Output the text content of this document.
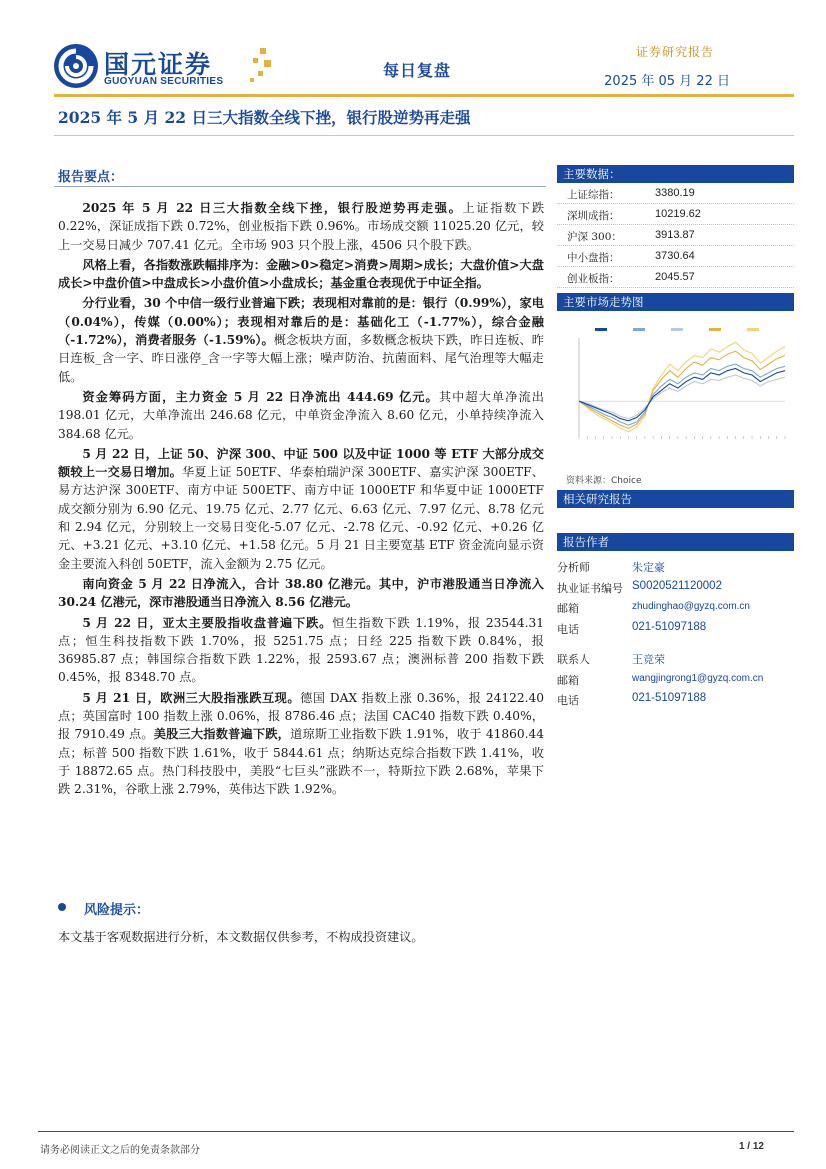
国元证券
GUOYUAN SECURITIES
每日复盘
证券研究报告
2025 年 05 月 22 日
2025 年 5 月 22 日三大指数全线下挫，银行股逆势再走强
报告要点：

2025 年 5 月 22 日三大指数全线下挫，银行股逆势再走强。上证指数下跌 0.22%，深证成指下跌 0.72%，创业板指下跌 0.96%。市场成交额 11025.20 亿元，较上一交易日减少 707.41 亿元。全市场 903 只个股上涨，4506 只个股下跌。

风格上看，各指数涨跌幅排序为：金融>0>稳定>消费>周期>成长；大盘价值>大盘成长>中盘价值>中盘成长>小盘价值>小盘成长；基金重仓表现优于中证全指。

分行业看，30 个中信一级行业普遍下跌；表现相对靠前的是：银行（0.99%），家电（0.04%），传媒（0.00%）；表现相对靠后的是：基础化工（-1.77%），综合金融（-1.72%），消费者服务（-1.59%）。概念板块方面，多数概念板块下跌，昨日连板、昨日连板_含一字、昨日涨停_含一字等大幅上涨；噪声防治、抗菌面料、尾气治理等大幅走低。

资金筹码方面，主力资金 5 月 22 日净流出 444.69 亿元。其中超大单净流出 198.01 亿元，大单净流出 246.68 亿元，中单资金净流入 8.60 亿元，小单持续净流入 384.68 亿元。

5 月 22 日，上证 50、沪深 300、中证 500 以及中证 1000 等 ETF 大部分成交额较上一交易日增加。华夏上证 50ETF、华泰柏瑞沪深 300ETF、嘉实沪深 300ETF、易方达沪深 300ETF、南方中证 500ETF、南方中证 1000ETF 和华夏中证 1000ETF 成交额分别为 6.90 亿元、19.75 亿元、2.77 亿元、6.63 亿元、7.97 亿元、8.78 亿元和 2.94 亿元，分别较上一交易日变化-5.07 亿元、-2.78 亿元、-0.92 亿元、+0.26 亿元、+3.21 亿元、+3.10 亿元、+1.58 亿元。5 月 21 日主要宽基 ETF 资金流向显示资金主要流入科创 50ETF，流入金额为 2.75 亿元。

南向资金 5 月 22 日净流入，合计 38.80 亿港元。其中，沪市港股通当日净流入 30.24 亿港元，深市港股通当日净流入 8.56 亿港元。

5 月 22 日，亚太主要股指收盘普遍下跌。恒生指数下跌 1.19%，报 23544.31 点；恒生科技指数下跌 1.70%，报 5251.75 点；日经 225 指数下跌 0.84%，报 36985.87 点；韩国综合指数下跌 1.22%，报 2593.67 点；澳洲标普 200 指数下跌 0.45%，报 8348.70 点。

5 月 21 日，欧洲三大股指涨跌互现。德国 DAX 指数上涨 0.36%，报 24122.40 点；英国富时 100 指数上涨 0.06%，报 8786.46 点；法国 CAC40 指数下跌 0.40%，报 7910.49 点。美股三大指数普遍下跌，道琼斯工业指数下跌 1.91%，收于 41860.44 点；标普 500 指数下跌 1.61%，收于 5844.61 点；纳斯达克综合指数下跌 1.41%，收于 18872.65 点。热门科技股中，美股“七巨头”涨跌不一，特斯拉下跌 2.68%，苹果下跌 2.31%，谷歌上涨 2.79%，英伟达下跌 1.92%。

风险提示：
本文基于客观数据进行分析，本文数据仅供参考，不构成投资建议。
主要数据：
上证综指：	3380.19
深圳成指：	10219.62
沪深 300：	3913.87
中小盘指：	3730.64
创业板指：	2045.57
主要市场走势图
资料来源：Choice
相关研究报告
报告作者
分析师	朱定豪
执业证书编号 S0020521120002
邮箱	zhudinghao@gyzq.com.cn
电话	021-51097188
联系人	王竞荣
邮箱	wangjingrong1@gyzq.com.cn
电话	021-51097188
请务必阅读正文之后的免责条款部分	1 / 12
